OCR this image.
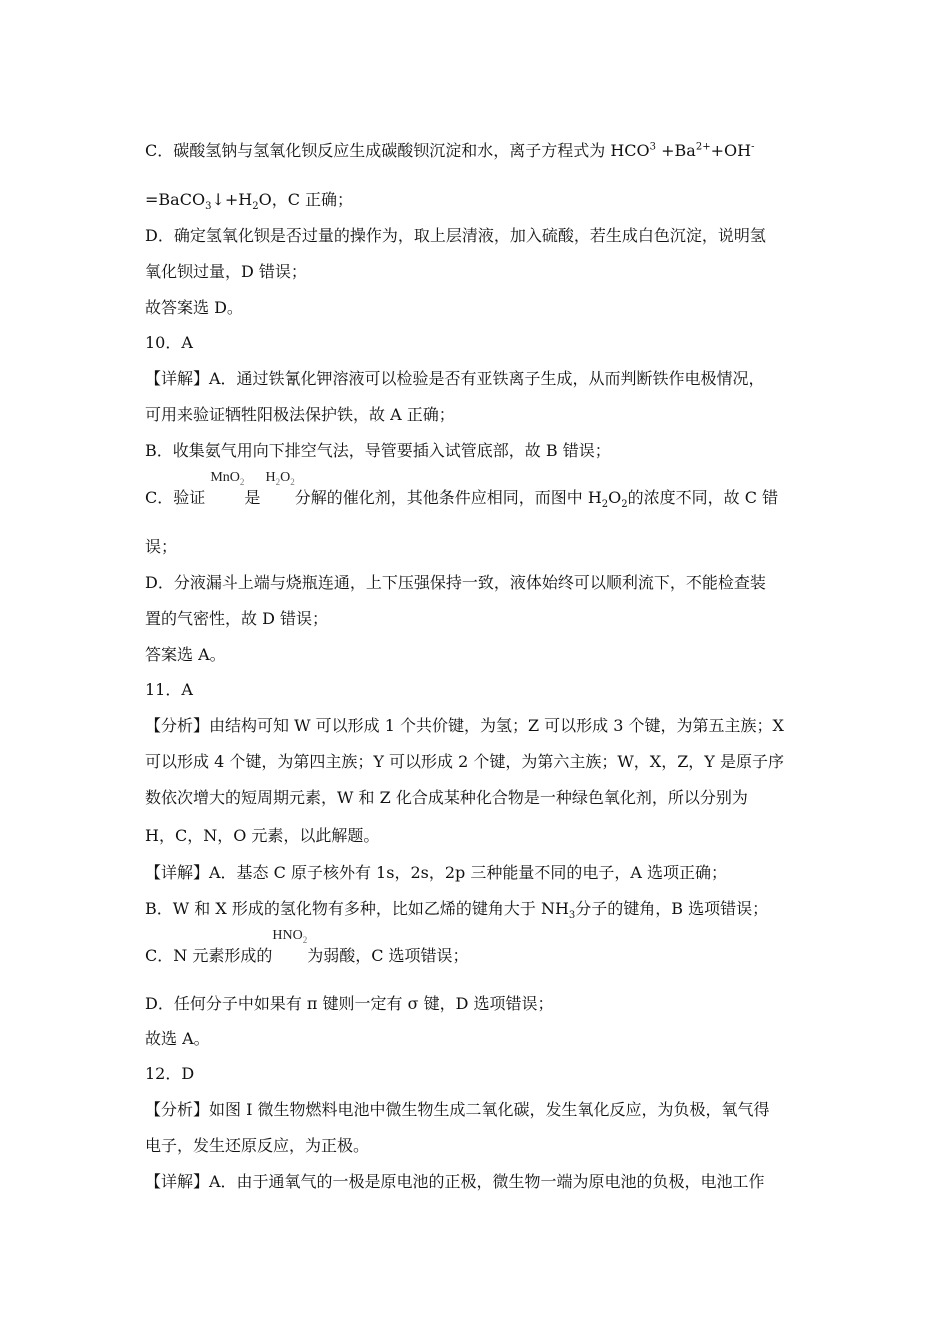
C．碳酸氢钠与氢氧化钡反应生成碳酸钡沉淀和水，离子方程式为 $HCO^3 +Ba^{2+}+OH^-$
$=BaCO_3↓+H_2O$，C 正确；
D．确定氢氧化钡是否过量的操作为，取上层清液，加入硫酸，若生成白色沉淀，说明氢
氧化钡过量，D 错误；
故答案选 D。
10．A
【详解】A．通过铁氰化钾溶液可以检验是否有亚铁离子生成，从而判断铁作电极情况，
可用来验证牺牲阳极法保护铁，故 A 正确；
B．收集氨气用向下排空气法，导管要插入试管底部，故 B 错误；
C．验证 MnO$_2$是 $H_2O_2$分解的催化剂，其他条件应相同，而图中 $H_2O_2$的浓度不同，故 C 错
误；
D．分液漏斗上端与烧瓶连通，上下压强保持一致，液体始终可以顺利流下，不能检查装
置的气密性，故 D 错误；
答案选 A。
11．A
【分析】由结构可知 W 可以形成 1 个共价键，为氢；Z 可以形成 3 个键，为第五主族；X
可以形成 4 个键，为第四主族；Y 可以形成 2 个键，为第六主族；W，X，Z，Y 是原子序
数依次增大的短周期元素，W 和 Z 化合成某种化合物是一种绿色氧化剂，所以分别为
H，C，N，O 元素，以此解题。
【详解】A．基态 C 原子核外有 1s，2s，2p 三种能量不同的电子，A 选项正确；
B．W 和 X 形成的氢化物有多种，比如乙烯的键角大于 $NH_3$分子的键角，B 选项错误；
C．N 元素形成的$HNO_2$为弱酸，C 选项错误；
D．任何分子中如果有 π 键则一定有 σ 键，D 选项错误；
故选 A。
12．D
【分析】如图 I 微生物燃料电池中微生物生成二氧化碳，发生氧化反应，为负极，氧气得
电子，发生还原反应，为正极。
【详解】A．由于通氧气的一极是原电池的正极，微生物一端为原电池的负极，电池工作
